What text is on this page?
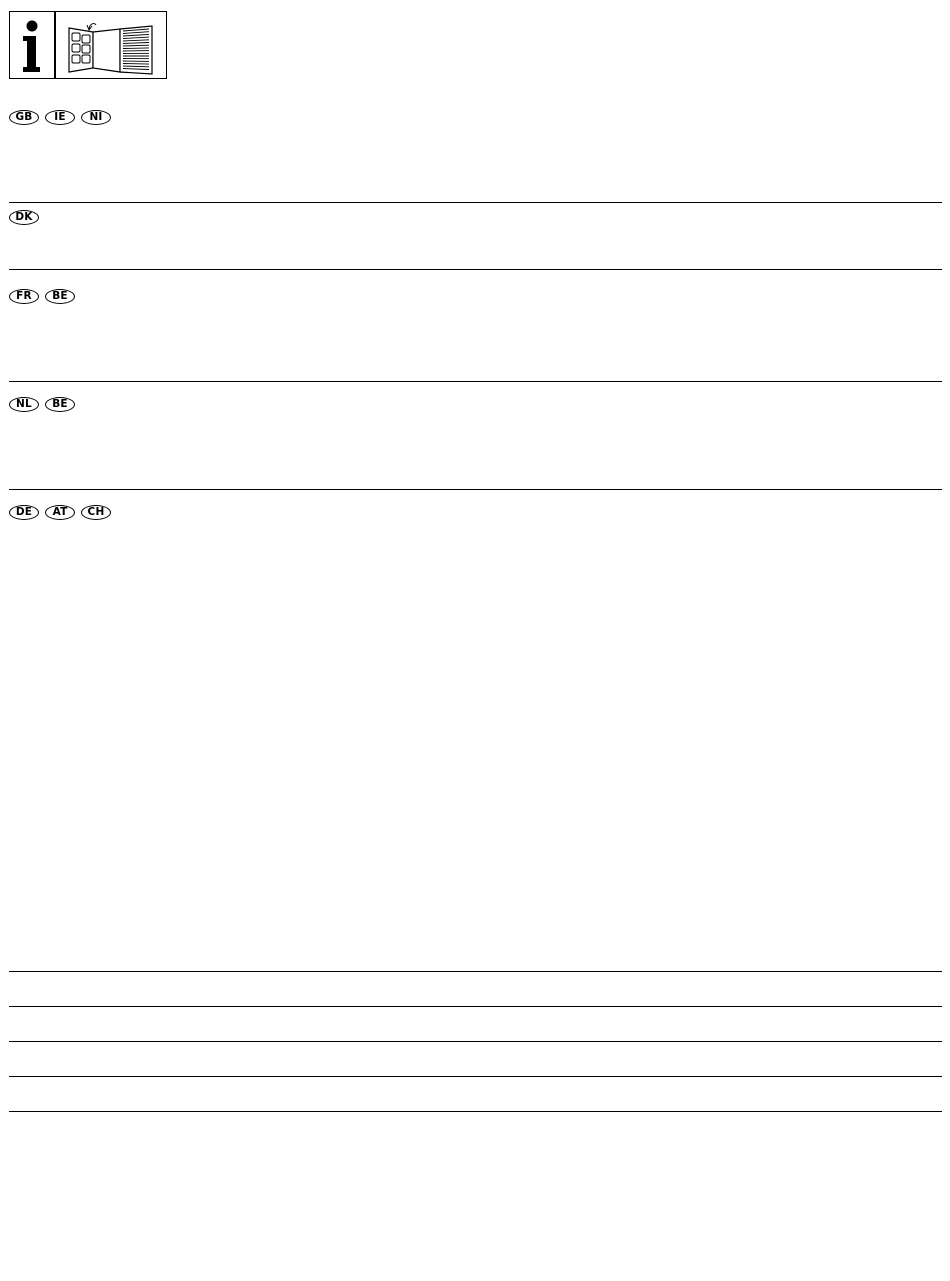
GB	IE	NI
DK
FR	BE
NL	BE
DE	AT	CH
